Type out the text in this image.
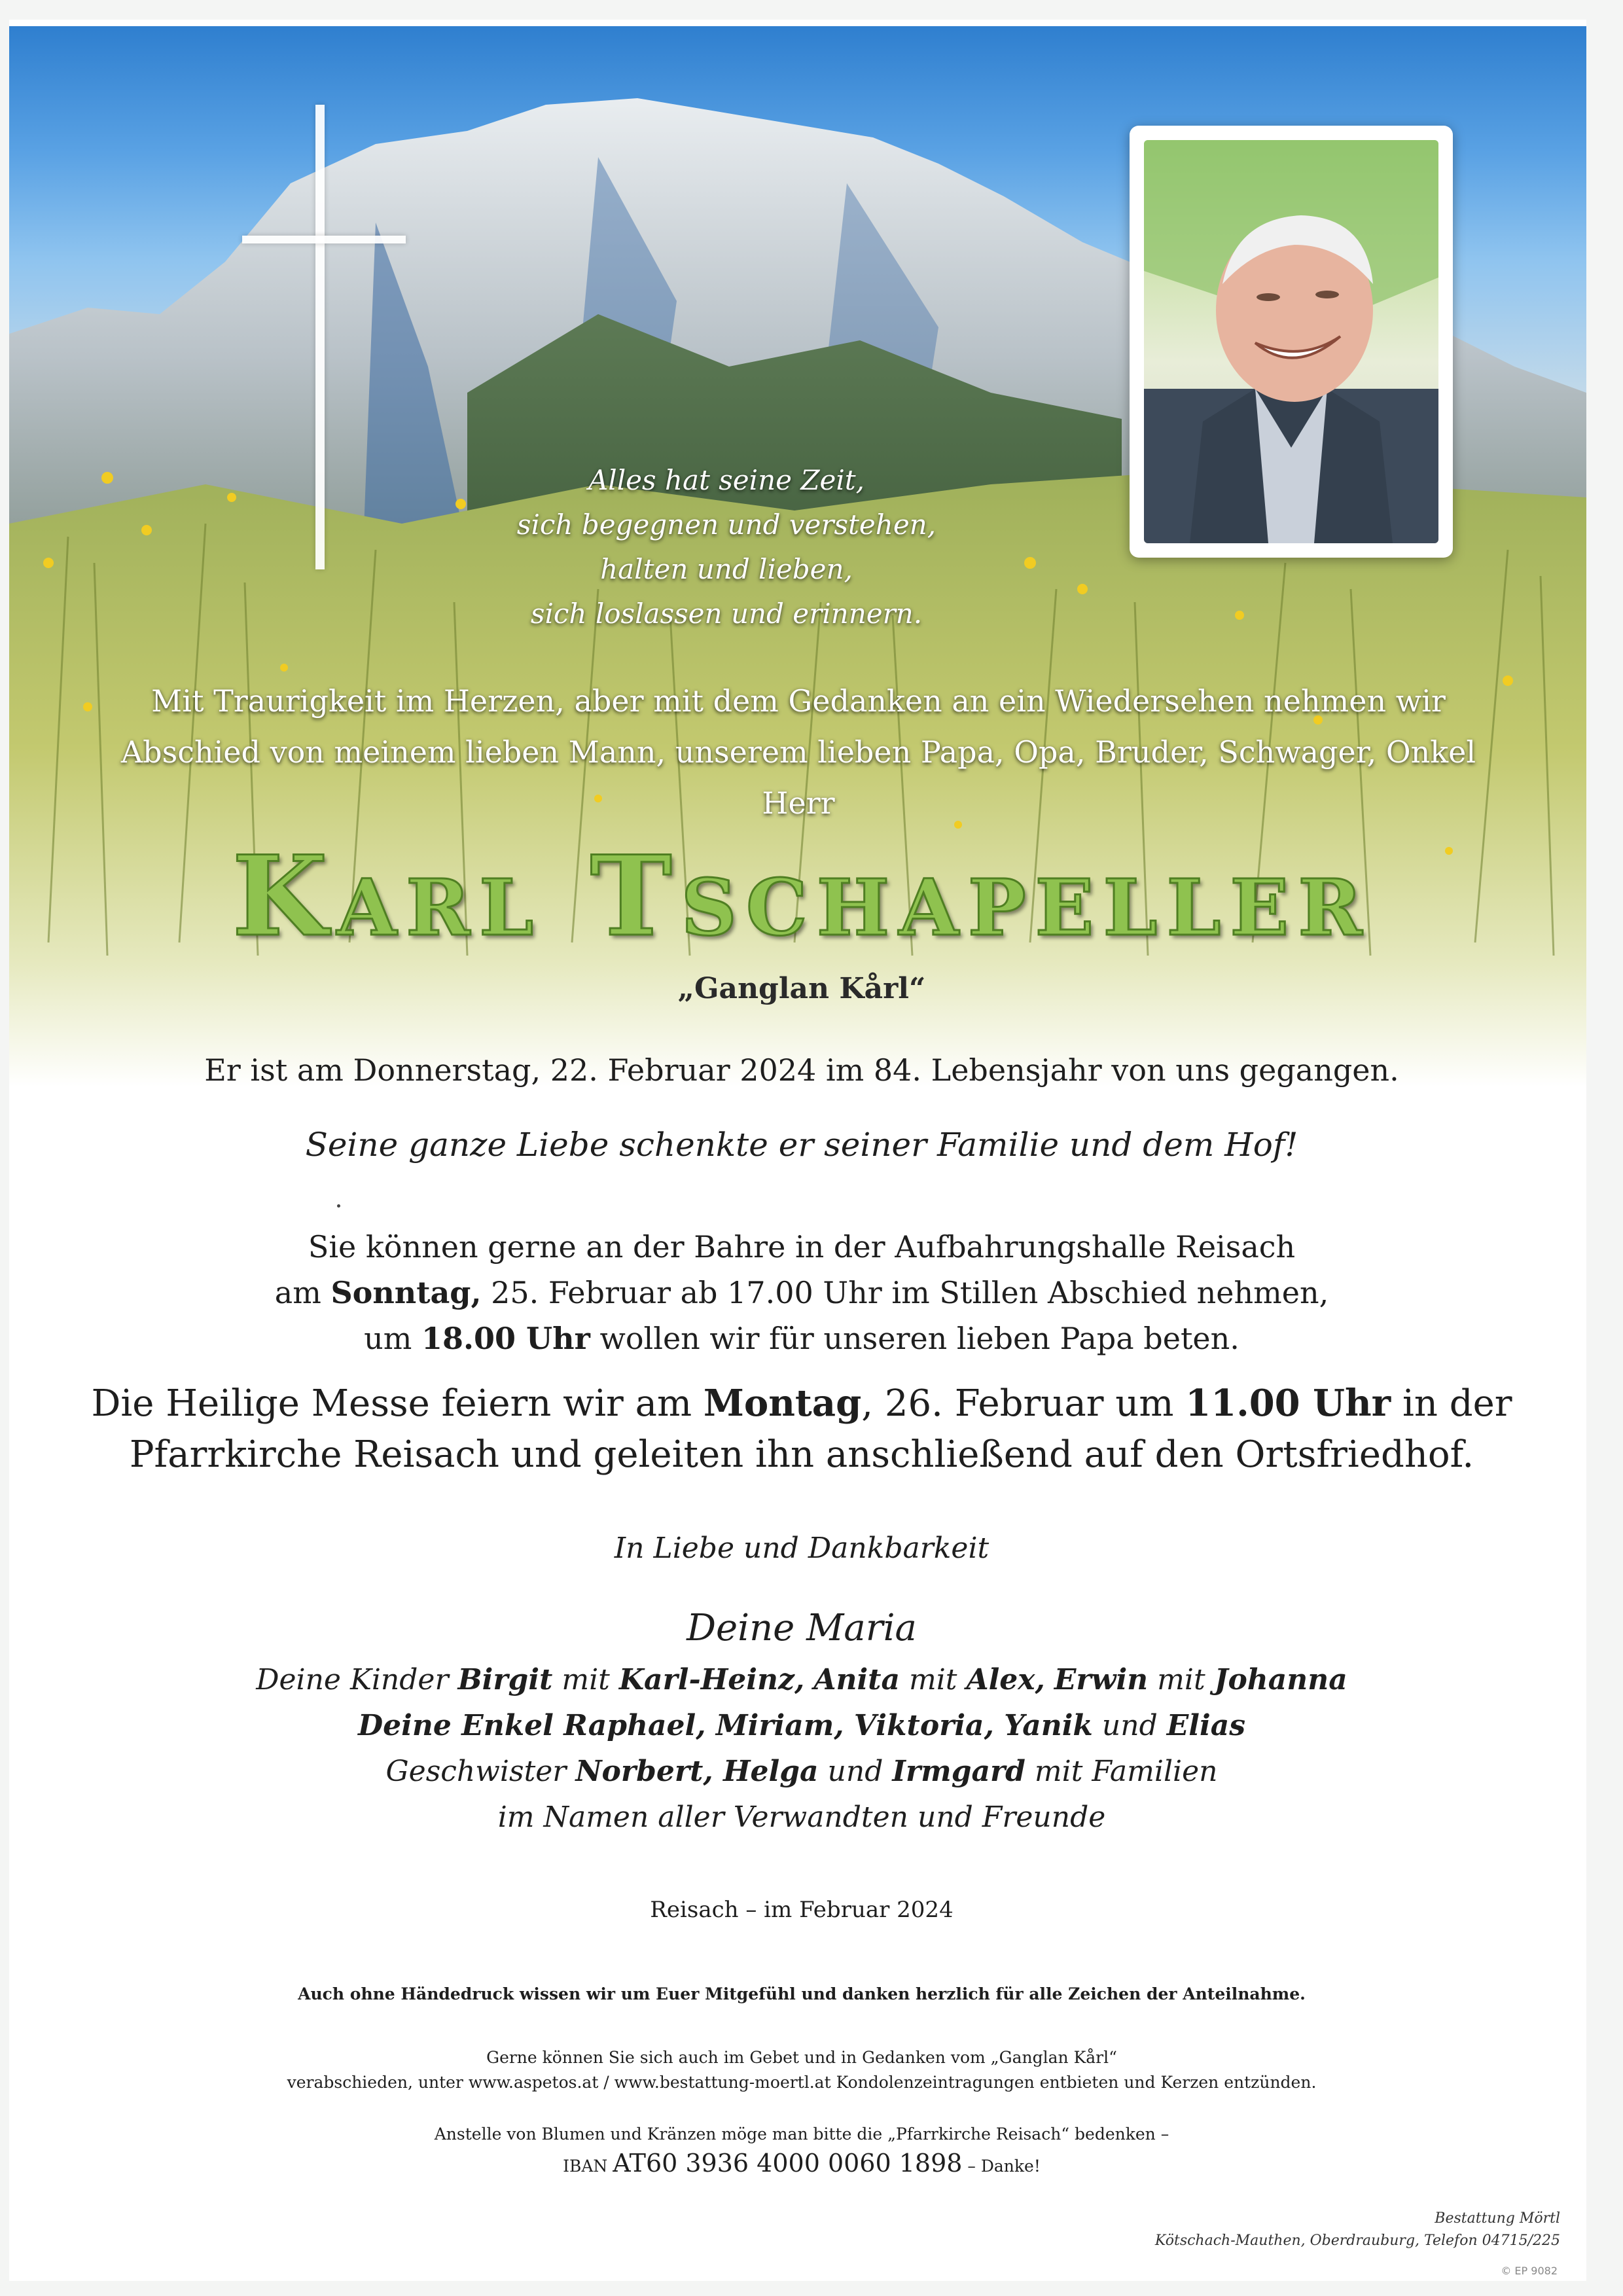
Alles hat seine Zeit,
sich begegnen und verstehen,
halten und lieben,
sich loslassen und erinnern.
Mit Traurigkeit im Herzen, aber mit dem Gedanken an ein Wiedersehen nehmen wir
Abschied von meinem lieben Mann, unserem lieben Papa, Opa, Bruder, Schwager, Onkel
Herr
Karl Tschapeller
„Ganglan Kårl“
Er ist am Donnerstag, 22. Februar 2024 im 84. Lebensjahr von uns gegangen.
Seine ganze Liebe schenkte er seiner Familie und dem Hof!
Sie können gerne an der Bahre in der Aufbahrungshalle Reisach
am Sonntag, 25. Februar ab 17.00 Uhr im Stillen Abschied nehmen,
um 18.00 Uhr wollen wir für unseren lieben Papa beten.
Die Heilige Messe feiern wir am Montag, 26. Februar um 11.00 Uhr in der
Pfarrkirche Reisach und geleiten ihn anschließend auf den Ortsfriedhof.
In Liebe und Dankbarkeit
Deine Maria
Deine Kinder Birgit mit Karl-Heinz, Anita mit Alex, Erwin mit Johanna
Deine Enkel Raphael, Miriam, Viktoria, Yanik und Elias
Geschwister Norbert, Helga und Irmgard mit Familien
im Namen aller Verwandten und Freunde
Reisach – im Februar 2024
Auch ohne Händedruck wissen wir um Euer Mitgefühl und danken herzlich für alle Zeichen der Anteilnahme.
Gerne können Sie sich auch im Gebet und in Gedanken vom „Ganglan Kårl“
verabschieden, unter www.aspetos.at / www.bestattung-moertl.at Kondolenzeintragungen entbieten und Kerzen entzünden.
Anstelle von Blumen und Kränzen möge man bitte die „Pfarrkirche Reisach“ bedenken –
IBAN AT60 3936 4000 0060 1898 – Danke!
Bestattung Mörtl
Kötschach-Mauthen, Oberdrauburg, Telefon 04715/225
© EP 9082
